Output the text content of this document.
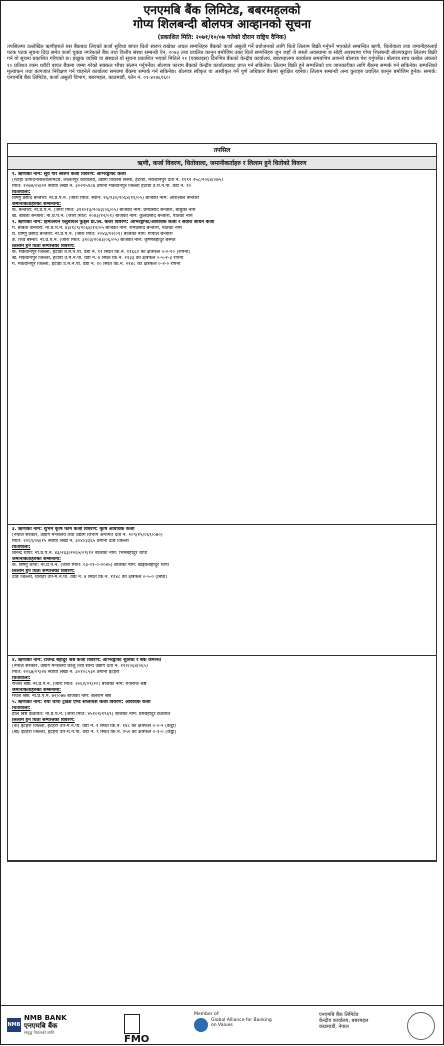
एनएमबि बैंक लिमिटेड, बबरमहलको
गोप्य शिलबन्दी बोलपत्र आव्हानको सूचना
(प्रकाशित मिति: २०७१/१०/०७ गतेको दौरान राष्ट्रिय दैनिक)
तपसिलमा उल्लेखित ऋणीहरुले यस बैंकबाट लिएको कर्जा सुविधा बापत धितो स्वरुप राखेका अचल सम्पत्तिहरु बैंकको कर्जा असुली गर्ने प्रयोजनको लागि धितो लिलाम बिक्री गर्नुपर्ने भएकोले सम्बन्धित ऋणी, धितोवाला तथा जमानीहरुलाई पटक पटक सूचना दिंदा समेत कर्जा चुक्ता नगरेकाले बैंक तथा वित्तीय संस्था सम्बन्धी ऐन, २०७३ तथा प्रचलित कानून बमोजिम उक्त धितो सम्पत्तिहरु जुन जहाँ जे जस्तो अवस्थामा छ सोही अवस्थामा गोप्य शिलबन्दी बोलपत्रद्वारा लिलाम बिक्री गर्न यो सूचना प्रकाशित गरिएको छ। इच्छुक व्यक्ति वा संस्थाले यो सूचना प्रकाशित भएको मितिले २१ (एक्काइस) दिनभित्र बैंकको केन्द्रीय कार्यालय, बबरमहलमा कार्यालय समयभित्र आफ्नो बोलपत्र पेश गर्नुपर्नेछ। बोलपत्र साथ कबोल अंकको १० प्रतिशत रकम धरौटी बापत बैंकमा जम्मा गरेको सक्कल भौचर संलग्न गर्नुपर्नेछ। बोलपत्र फाराम बैंकको केन्द्रीय कार्यालयबाट प्राप्त गर्न सकिनेछ। लिलाम बिक्री हुने सम्पत्तिको थप जानकारीका लागि बैंकमा सम्पर्क गर्न सकिनेछ। सम्पत्तिको मूल्यांकन तथा कागजात निरीक्षण गर्न चाहनेले कार्यालय समयमा बैंकमा सम्पर्क गर्न सकिनेछ। बोलपत्र स्वीकृत वा अस्वीकृत गर्ने पूर्ण अधिकार बैंकमा सुरक्षित रहनेछ। लिलाम सम्बन्धी अन्य कुराहरु प्रचलित कानून बमोजिम हुनेछ। सम्पर्क: एनएमबि बैंक लिमिटेड, कर्जा असुली विभाग, बबरमहल, काठमाडौं, फोन नं. ०१-४२४६१६०।
तपसिल
ऋणी, कर्जा विवरण, धितोवाला, जमानीकर्ताहरु र लिलाम हुने धितोको विवरण
१. ऋणीको नाम: सूर्य गौर स्वरुप कर्जा विवरण: ओभरड्राफ्ट कर्जा
(रेटीहा उत्पादनशालालिमिटेड, ललितपुर कार्यालय, उद्योग विकास संस्था, हेटौडा, मकवानपुर दर्ता नं. ११९२ २५८/२०६४/०७५)
मिति: २०७४/०४/२२ स्थायी लेखा नं. ३०२१५१८७ ठेगाना मकवानपुर जिल्ला हेटौडा उ.म.न.पा. वडा नं. १०
धितोवाला:
विष्णु प्रसाद बन्जारा: ना.प्र.प.नं. (जारी मिति: स्थान: २६/२३०/२०६४/११/०५) बाजेको नाम: आशलाल बन्जारा
जमानीकर्ताहरुका सम्बन्धमा:
क. बन्जारा: ना.प्र.प.नं. (जारी मिति: ३११०१३/२०४३/०६/०५) बाजेको नाम: प्रेमप्रसाद बन्जारा, बाबुको नाम
ख. बबिता बन्जारा: ना.प्र.प.नं. (जारी मिति: २०४३/१२/०१) बाजेको नाम: कुलप्रसाद बन्जारा, पतिको नाम
२. ऋणीको नाम: हिमालयन फ्लुवीयल फुड्स प्रा.लि. कर्जा विवरण: ओभरड्राफ्ट/आवधिक कर्जा र सवारी साधन कर्जा
ग. बबिता बन्जारा: ना.प्र.प.नं. ४३/१८९/२०६४/१२/०५ बाजेको नाम: रामप्रसाद बन्जारा, पतिको नाम
घ. विष्णु प्रसाद बन्जारा: ना.प्र.प.नं. (जारी मिति: २०४३/१२/०१) बाजेको नाम: गोपाल बन्जारा
ङ. शिव बस्नेत: ना.प्र.प.नं. (जारी मिति: ३१०३/२०४३/०६/०५) बाजेको नाम: कृष्णबहादुर बस्नेत
लिलाम हुने धितो सम्पत्तिको विवरण:
क. मकवानपुर जिल्ला, हेटौडा उ.म.न.पा. वडा नं. ११ स्थित कि.नं. ११६६१ को क्षेत्रफल ०-०-१० (रोपनी)
ख. मकवानपुर जिल्ला, हेटौडा उ.म.न.पा. वडा नं. ४ स्थित कि.नं. १२३३ को क्षेत्रफल ०-५-२-३ रोपनी
ग. मकवानपुर जिल्ला, हेटौडा उ.म.न.पा. वडा नं. १० स्थित कि.नं. २१४८ को क्षेत्रफल ०-२-० रोपनी
३. ऋणीको नाम: शुभम कृषि फार्म कर्जा विवरण: कृषि आवधिक कर्जा
(नेपाल सरकार, उद्योग मन्त्रालय तथा उद्योग विभाग अन्तर्गत दर्ता नं. २०९/१५/०६९/०७०)
मिति: २०६९/०७/१५ स्थायी लेखा नं. ३०४०३३६५ ठेगाना दाङ जिल्ला
धितोवाला:
बिरेन्द्र थापा: ना.प्र.प.नं. ४३/२६३/२०६५/०९/१२ बाजेको नाम: भिमबहादुर थापा
जमानीकर्ताहरुका सम्बन्धमा:
क. बिष्णु थापा: ना.प्र.प.नं. (जारी मिति: ०३-०१-०-००४५) बाजेको नाम: खड्कबहादुर थापा
लिलाम हुने धितो सम्पत्तिको विवरण:
दाङ जिल्ला, घोराही उप-म.न.पा. वडा नं. ४ स्थित कि.नं. ११४८ को क्षेत्रफल ०-५-० (बिघा)
४. ऋणीको नाम: राजेन्द्र बहादुर श्रेष्ठ कर्जा विवरण: ओभरड्राफ्ट सुविधा र बैंक जमानत
(नेपाल सरकार, उद्योग मन्त्रालय घरेलु तथा साना उद्योग दर्ता नं. ११२/०६४/०६५)
मिति: २०६७/०९/२४ स्थायी लेखा नं. ३०१०८५३२ ठेगाना इटहरी
धितोवाला:
राजेश श्रेष्ठ: ना.प्र.प.नं. (जारी मिति: २०६१/०९/२०) बाजेको नाम: गजराज श्रेष्ठ
जमानीकर्ताहरुका सम्बन्धमा:
मधेश श्रेष्ठ: ना.प्र.प.नं. ७२/०७७ बाजेको नाम: बलराम श्रेष्ठ
५. ऋणीको नाम: रुपा थापा ट्रेडिङ एण्ड सप्लायर्स कर्जा विवरण: आवधिक कर्जा
धितोवाला:
हेलि बिष्ट कठायत: ना.प्र.प.नं. (जारी मिति: ४५१०१/१९६९) बाजेको नाम: प्रेमबहादुर कठायत
लिलाम हुने धितो सम्पत्तिको विवरण:
(क) इटहरी जिल्ला, इटहरी उप-म.न.पा. वडा नं. १ स्थित कि.नं. १४८ को क्षेत्रफल ०-०-२ (कट्ठा)
(ख) इटहरी जिल्ला, इटहरी उप-म.न.पा. वडा नं. ९ स्थित कि.नं. १५२ को क्षेत्रफल ०-१-० (कट्ठा)
NMB
NMB BANK
एनएमबि बैंक
समृद्ध नेपालको लागि
FMO
Member of:
Global Alliance for Banking on Values
एनएमबि बैंक लिमिटेड
केन्द्रीय कार्यालय, बबरमहल
काठमाडौं, नेपाल
